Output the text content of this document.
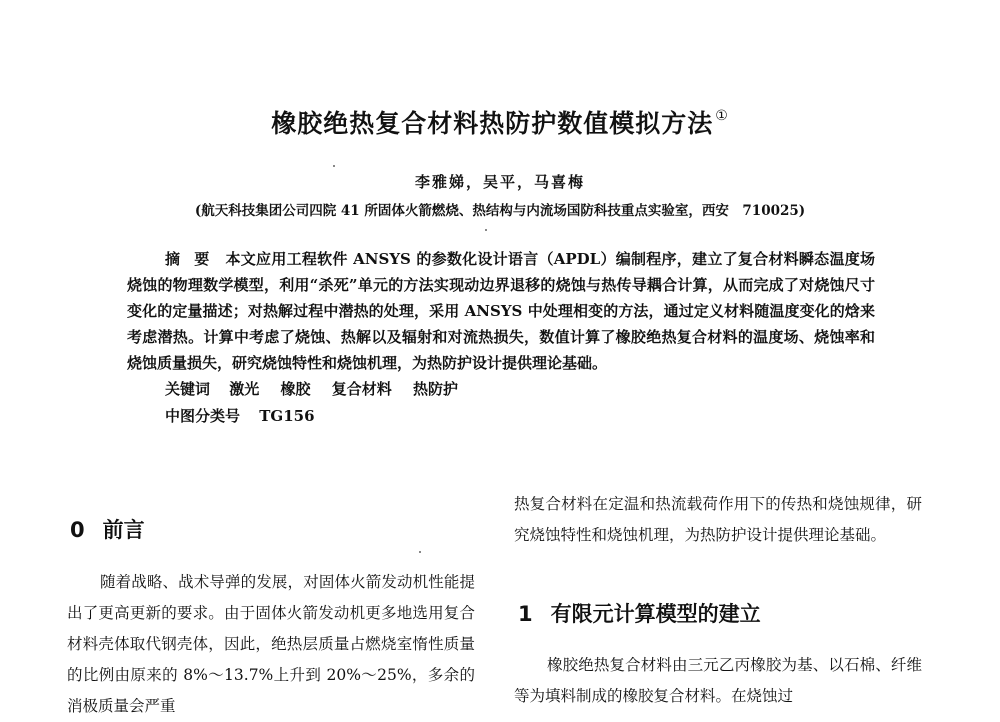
橡胶绝热复合材料热防护数值模拟方法 ①
李雅娣，吴平，马喜梅
(航天科技集团公司四院 41 所固体火箭燃烧、热结构与内流场国防科技重点实验室，西安　710025)

摘要 本文应用工程软件 ANSYS 的参数化设计语言（APDL）编制程序，建立了复合材料瞬态温度场烧蚀的物理数学模型，利用“杀死”单元的方法实现动边界退移的烧蚀与热传导耦合计算，从而完成了对烧蚀尺寸变化的定量描述；对热解过程中潜热的处理，采用 ANSYS 中处理相变的方法，通过定义材料随温度变化的焓来考虑潜热。计算中考虑了烧蚀、热解以及辐射和对流热损失，数值计算了橡胶绝热复合材料的温度场、烧蚀率和烧蚀质量损失，研究烧蚀特性和烧蚀机理，为热防护设计提供理论基础。

关键词 激光 橡胶 复合材料 热防护
中图分类号 TG156
0 前言

随着战略、战术导弹的发展，对固体火箭发动机性能提出了更高更新的要求。由于固体火箭发动机更多地选用复合材料壳体取代钢壳体，因此，绝热层质量占燃烧室惰性质量的比例由原来的 8%～13.7%上升到 20%～25%，多余的消极质量会严重

热复合材料在定温和热流载荷作用下的传热和烧蚀规律，研究烧蚀特性和烧蚀机理，为热防护设计提供理论基础。

1 有限元计算模型的建立

橡胶绝热复合材料由三元乙丙橡胶为基、以石棉、纤维等为填料制成的橡胶复合材料。在烧蚀过
